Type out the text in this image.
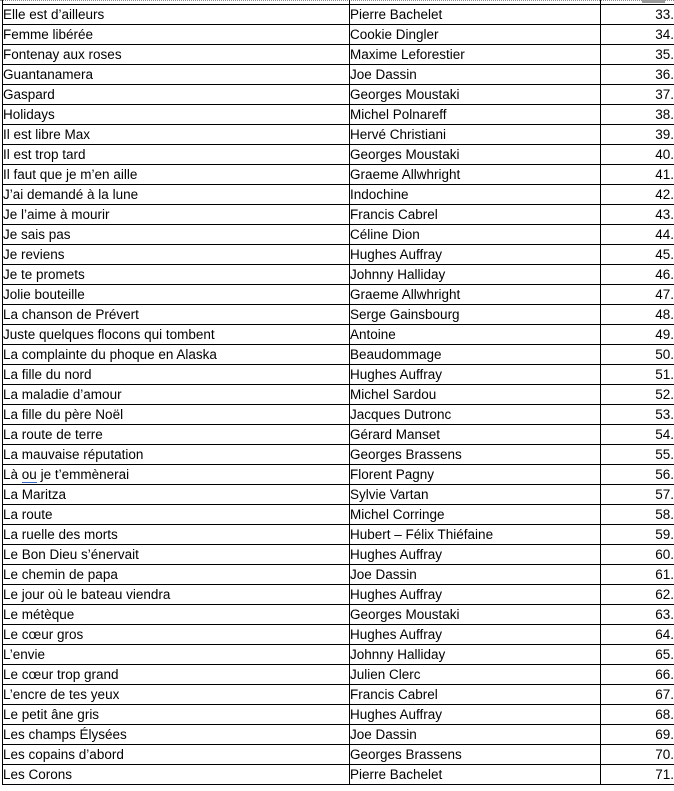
Elle est d’ailleurs	Pierre Bachelet	33.
Femme libérée	Cookie Dingler	34.
Fontenay aux roses	Maxime Leforestier	35.
Guantanamera	Joe Dassin	36.
Gaspard	Georges Moustaki	37.
Holidays	Michel Polnareff	38.
Il est libre Max	Hervé Christiani	39.
Il est trop tard	Georges Moustaki	40.
Il faut que je m’en aille	Graeme Allwhright	41.
J’ai demandé à la lune	Indochine	42.
Je l’aime à mourir	Francis Cabrel	43.
Je sais pas	Céline Dion	44.
Je reviens	Hughes Auffray	45.
Je te promets	Johnny Halliday	46.
Jolie bouteille	Graeme Allwhright	47.
La chanson de Prévert	Serge Gainsbourg	48.
Juste quelques flocons qui tombent	Antoine	49.
La complainte du phoque en Alaska	Beaudommage	50.
La fille du nord	Hughes Auffray	51.
La maladie d’amour	Michel Sardou	52.
La fille du père Noël	Jacques Dutronc	53.
La route de terre	Gérard Manset	54.
La mauvaise réputation	Georges Brassens	55.
Là ou je t’emmènerai	Florent Pagny	56.
La Maritza	Sylvie Vartan	57.
La route	Michel Corringe	58.
La ruelle des morts	Hubert – Félix Thiéfaine	59.
Le Bon Dieu s’énervait	Hughes Auffray	60.
Le chemin de papa	Joe Dassin	61.
Le jour où le bateau viendra	Hughes Auffray	62.
Le métèque	Georges Moustaki	63.
Le cœur gros	Hughes Auffray	64.
L’envie	Johnny Halliday	65.
Le cœur trop grand	Julien Clerc	66.
L’encre de tes yeux	Francis Cabrel	67.
Le petit âne gris	Hughes Auffray	68.
Les champs Élysées	Joe Dassin	69.
Les copains d’abord	Georges Brassens	70.
Les Corons	Pierre Bachelet	71.
